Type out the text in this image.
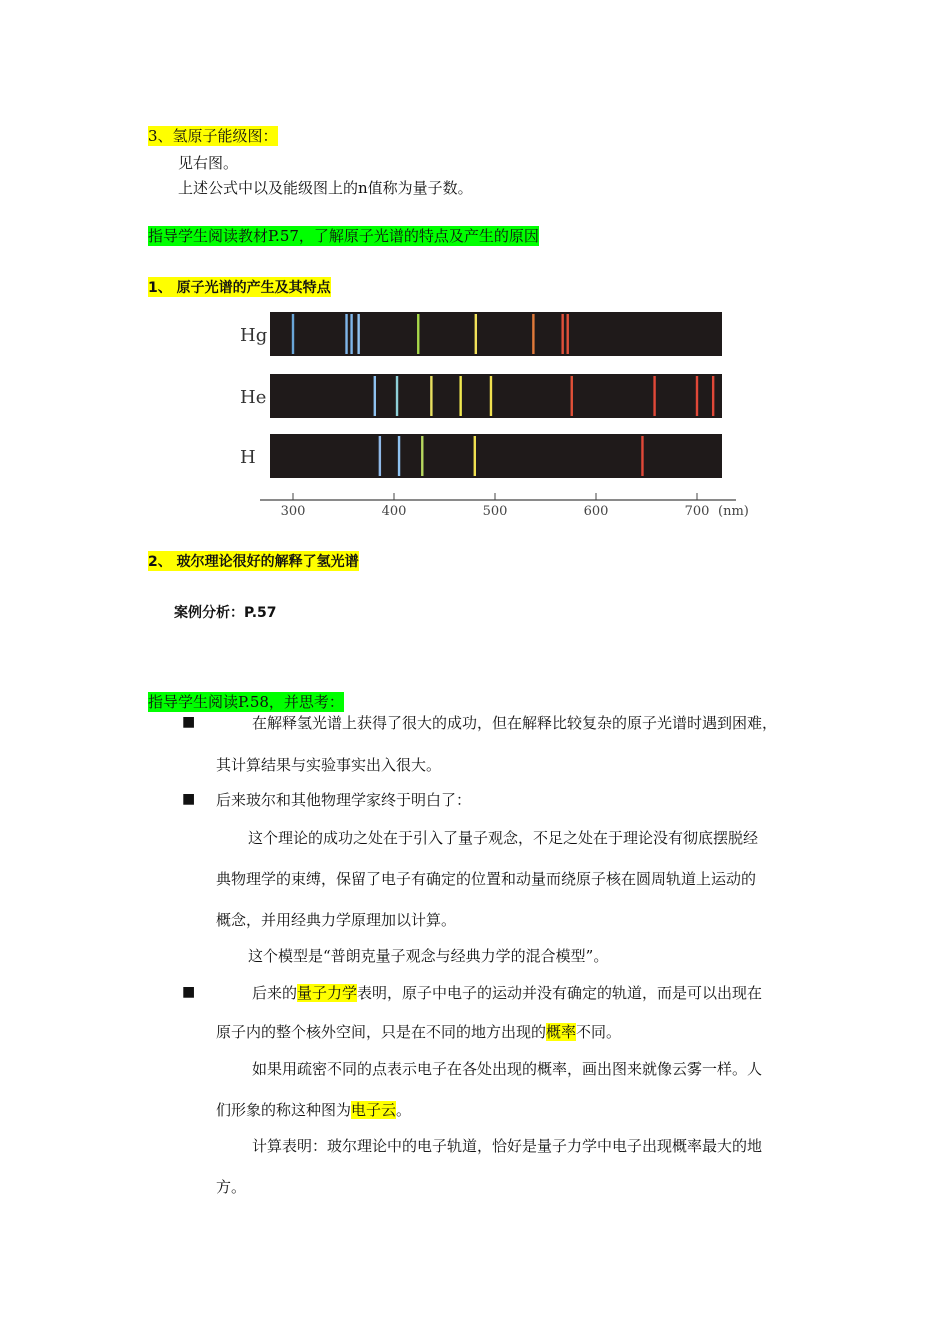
3、氢原子能级图：
见右图。
上述公式中以及能级图上的n值称为量子数。
指导学生阅读教材P.57，了解原子光谱的特点及产生的原因
1、 原子光谱的产生及其特点
Hg
He
H
300	400	500	600	700 (nm)
2、 玻尔理论很好的解释了氢光谱
案例分析：P.57
指导学生阅读P.58，并思考：
■	在解释氢光谱上获得了很大的成功，但在解释比较复杂的原子光谱时遇到困难，
其计算结果与实验事实出入很大。
■ 后来玻尔和其他物理学家终于明白了：
这个理论的成功之处在于引入了量子观念，不足之处在于理论没有彻底摆脱经
典物理学的束缚，保留了电子有确定的位置和动量而绕原子核在圆周轨道上运动的
概念，并用经典力学原理加以计算。
这个模型是“普朗克量子观念与经典力学的混合模型”。
■	后来的量子力学表明，原子中电子的运动并没有确定的轨道，而是可以出现在
原子内的整个核外空间，只是在不同的地方出现的概率不同。
如果用疏密不同的点表示电子在各处出现的概率，画出图来就像云雾一样。人
们形象的称这种图为电子云。
计算表明：玻尔理论中的电子轨道，恰好是量子力学中电子出现概率最大的地
方。
